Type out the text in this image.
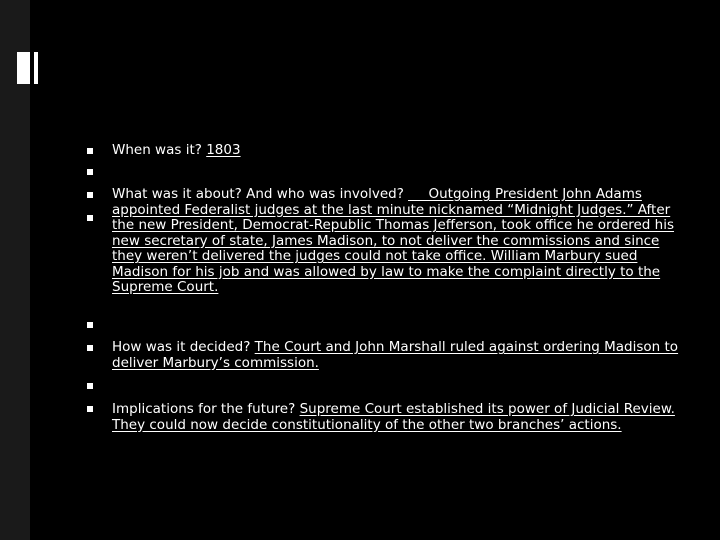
When was it? 1803
What was it about? And who was involved? ___Outgoing President John Adams appointed Federalist judges at the last minute nicknamed “Midnight Judges.” After the new President, Democrat-Republic Thomas Jefferson, took office he ordered his new secretary of state, James Madison, to not deliver the commissions and since they weren’t delivered the judges could not take office. William Marbury sued Madison for his job and was allowed by law to make the complaint directly to the Supreme Court.
How was it decided? The Court and John Marshall ruled against ordering Madison to deliver Marbury’s commission.
Implications for the future? Supreme Court established its power of Judicial Review. They could now decide constitutionality of the other two branches’ actions.
